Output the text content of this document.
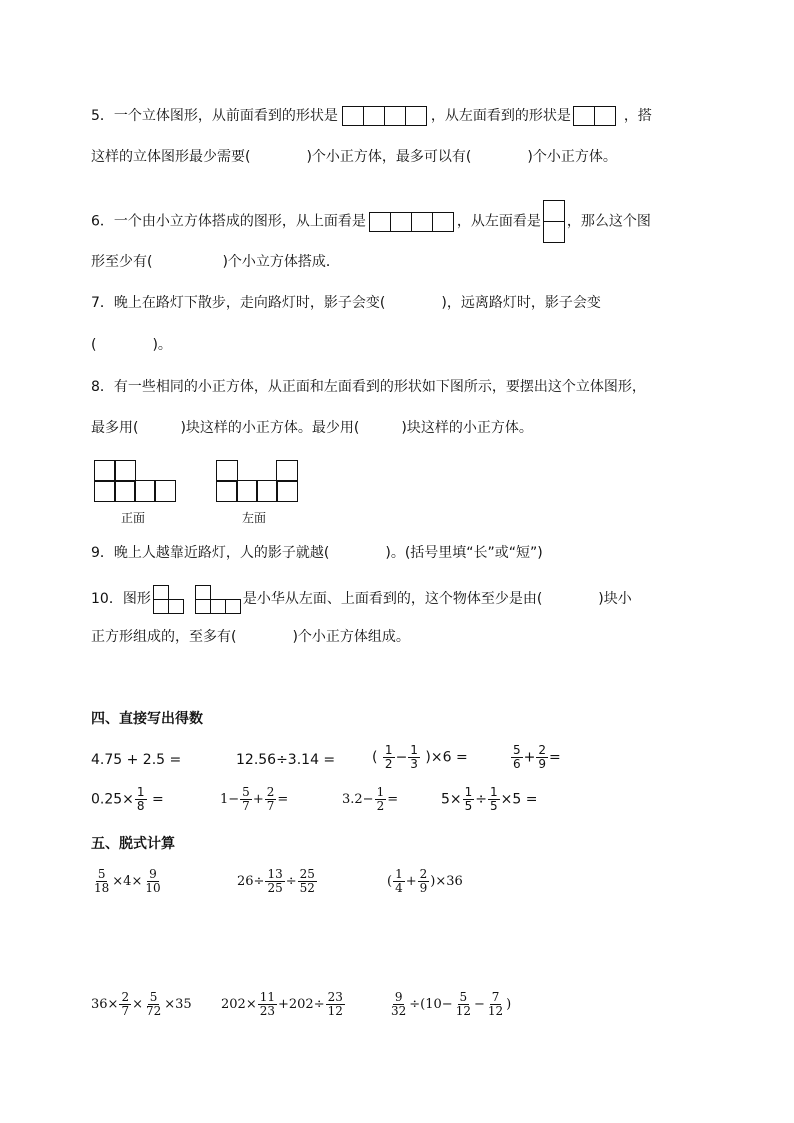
5．一个立体图形，从前面看到的形状是	，从左面看到的形状是	，搭
这样的立体图形最少需要(　　　　)个小正方体，最多可以有(　　　　)个小正方体。
6．一个由小立方体搭成的图形，从上面看是	，从左面看是 ，那么这个图
形至少有(　　　　　)个小立方体搭成．
7．晚上在路灯下散步，走向路灯时，影子会变(　　　　)，远离路灯时，影子会变
(　　　　)。
8．有一些相同的小正方体，从正面和左面看到的形状如下图所示，要摆出这个立体图形，
最多用(　　　)块这样的小正方体。最少用(　　　)块这样的小正方体。
正面	左面
9．晚上人越靠近路灯，人的影子就越(　　　　)。(括号里填“长”或“短”)
10．图形	是小华从左面、上面看到的，这个物体至少是由(　　　　)块小
正方形组成的，至多有(　　　　)个小正方体组成。
四、直接写出得数
4.75 + 2.5 =	12.56÷3.14 =	( $\frac{1}{2} - \frac{1}{3} )\times 6$ =	$\frac{5}{6} + \frac{2}{9}$ =
$0.25\times \frac{1}{8}$ =	$1- \frac{5}{7} + \frac{2}{7}$ =	$3.2- \frac{1}{2}$ =	$5\times \frac{1}{5} \div \frac{1}{5} \times 5$ =
五、脱式计算
$\frac{5}{18} \times 4\times \frac{9}{10}$	$26\div \frac{13}{25} \div \frac{25}{52}$	( $\frac{1}{4} + \frac{2}{9} )\times 36$
$36\times \frac{2}{7} \times \frac{5}{72} \times 35$ $202\times \frac{11}{23} +202\div \frac{23}{12}$	$\frac{9}{32} \div(10- \frac{5}{12} - \frac{7}{12}$ )
